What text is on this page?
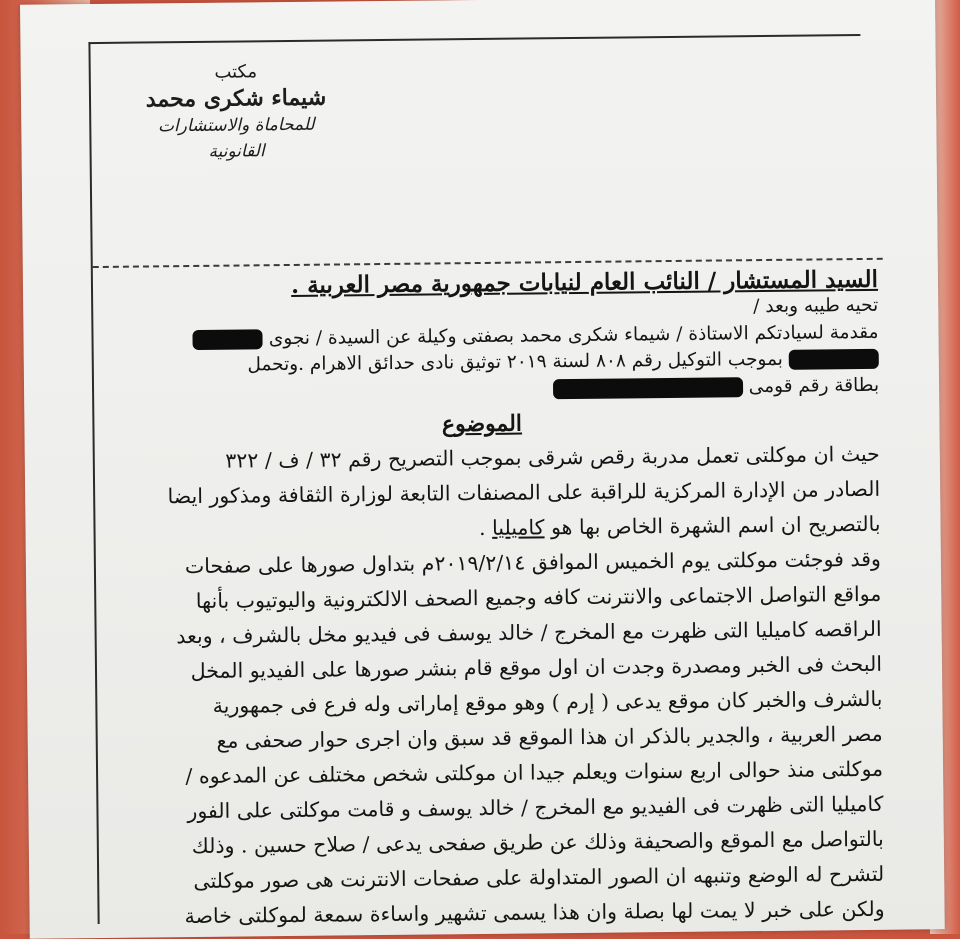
مكتب
شيماء شكرى محمد
للمحاماة والاستشارات القانونية
السيد المستشار / النائب العام لنيابات جمهورية مصر العربية .
تحيه طيبه وبعد /
مقدمة لسيادتكم الاستاذة / شيماء شكرى محمد بصفتى وكيلة عن السيدة / نجوى
بموجب التوكيل رقم ٨٠٨ لسنة ٢٠١٩ توثيق نادى حدائق الاهرام .وتحمل
بطاقة رقم قومى
الموضوع
حيث ان موكلتى تعمل مدربة رقص شرقى بموجب التصريح رقم ٣٢ / ف / ٣٢٢
الصادر من الإدارة المركزية للراقبة على المصنفات التابعة لوزارة الثقافة ومذكور ايضا
بالتصريح ان اسم الشهرة الخاص بها هو كاميليا .
وقد فوجئت موكلتى يوم الخميس الموافق ٢٠١٩/٢/١٤م بتداول صورها على صفحات
مواقع التواصل الاجتماعى والانترنت كافه وجميع الصحف الالكترونية واليوتيوب بأنها
الراقصه كاميليا التى ظهرت مع المخرج / خالد يوسف فى فيديو مخل بالشرف ، وبعد
البحث فى الخبر ومصدرة وجدت ان اول موقع قام بنشر صورها على الفيديو المخل
بالشرف والخبر كان موقع يدعى ( إرم ) وهو موقع إماراتى وله فرع فى جمهورية
مصر العربية ، والجدير بالذكر ان هذا الموقع قد سبق وان اجرى حوار صحفى مع
موكلتى منذ حوالى اربع سنوات ويعلم جيدا ان موكلتى شخص مختلف عن المدعوه /
كاميليا التى ظهرت فى الفيديو مع المخرج / خالد يوسف و قامت موكلتى على الفور
بالتواصل مع الموقع والصحيفة وذلك عن طريق صفحى يدعى / صلاح حسين . وذلك
لتشرح له الوضع وتنبهه ان الصور المتداولة على صفحات الانترنت هى صور موكلتى
ولكن على خبر لا يمت لها بصلة وان هذا يسمى تشهير واساءة سمعة لموكلتى خاصة
